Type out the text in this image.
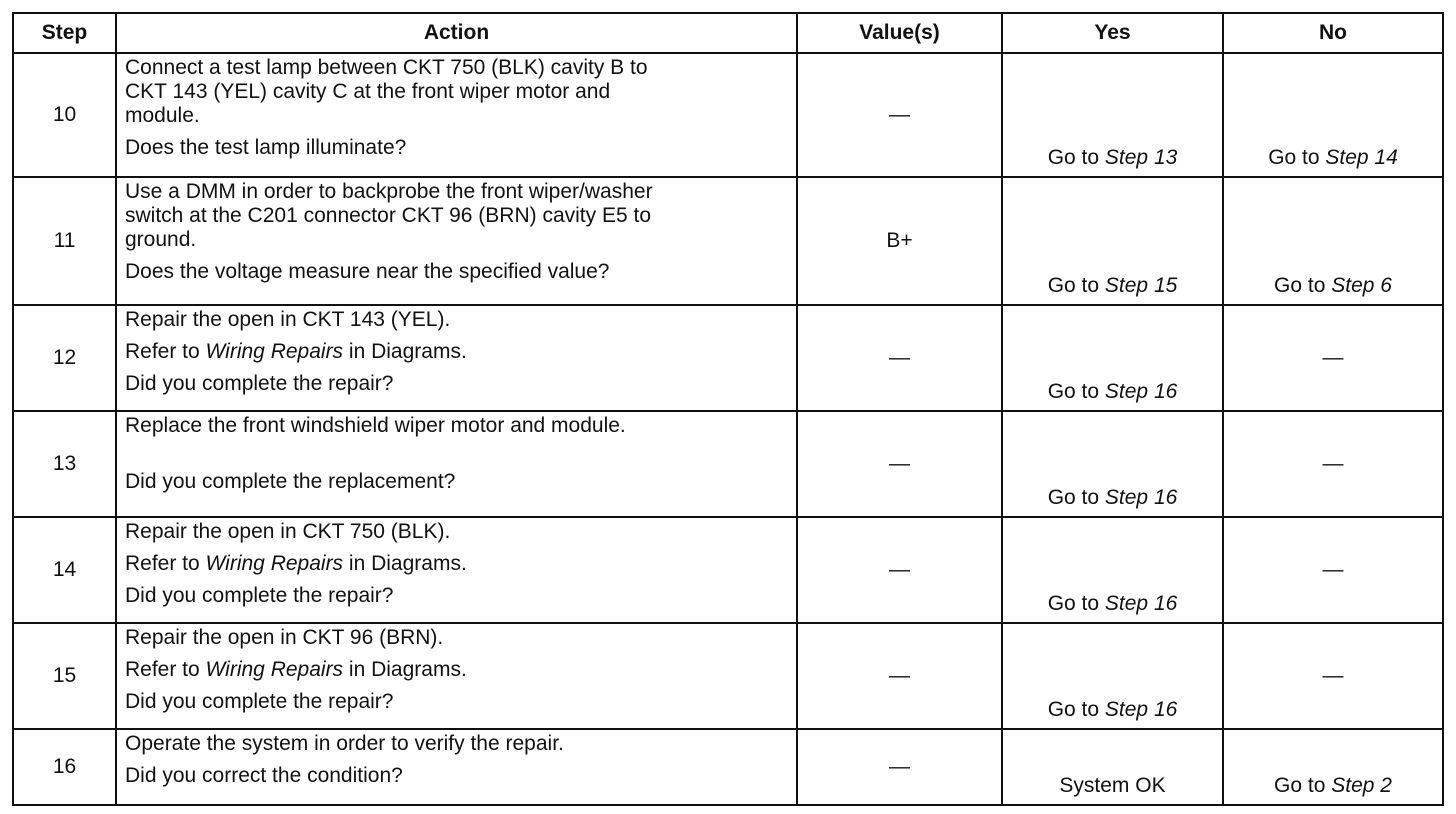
Step	Action	Value(s)	Yes	No
10	Connect a test lamp between CKT 750 (BLK) cavity B to
CKT 143 (YEL) cavity C at the front wiper motor and
module.
Does the test lamp illuminate?	—	Go to Step 13	Go to Step 14
11	Use a DMM in order to backprobe the front wiper/washer
switch at the C201 connector CKT 96 (BRN) cavity E5 to
ground.
Does the voltage measure near the specified value?	B+	Go to Step 15	Go to Step 6
12	Repair the open in CKT 143 (YEL).
Refer to Wiring Repairs in Diagrams.
Did you complete the repair?	—	Go to Step 16	—
13	Replace the front windshield wiper motor and module.
Did you complete the replacement?	—	Go to Step 16	—
14	Repair the open in CKT 750 (BLK).
Refer to Wiring Repairs in Diagrams.
Did you complete the repair?	—	Go to Step 16	—
15	Repair the open in CKT 96 (BRN).
Refer to Wiring Repairs in Diagrams.
Did you complete the repair?	—	Go to Step 16	—
16	Operate the system in order to verify the repair.
Did you correct the condition?	—	System OK	Go to Step 2
